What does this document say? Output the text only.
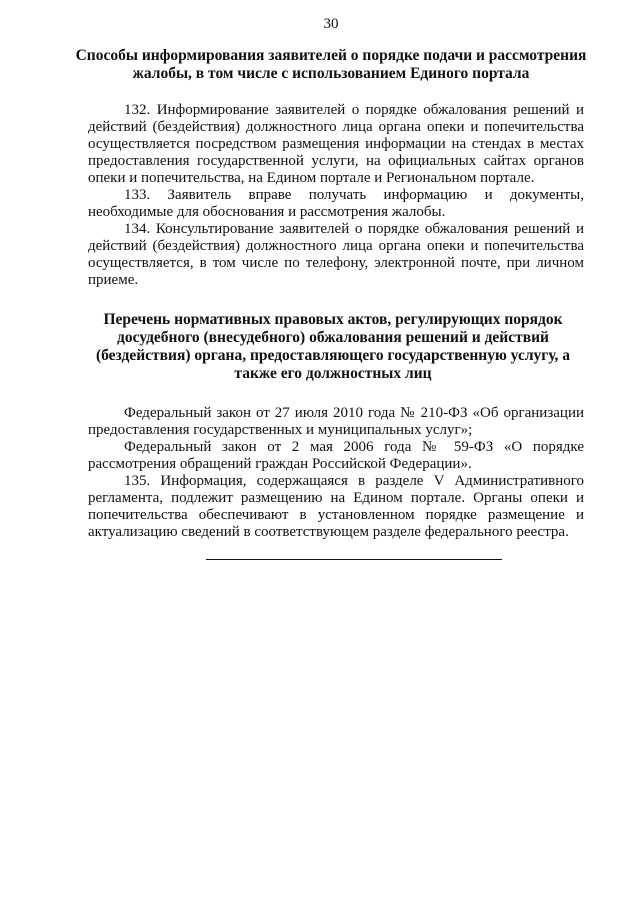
30
Способы информирования заявителей о порядке подачи и рассмотрения жалобы, в том числе с использованием Единого портала

132. Информирование заявителей о порядке обжалования решений и действий (бездействия) должностного лица органа опеки и попечительства осуществляется посредством размещения информации на стендах в местах предоставления государственной услуги, на официальных сайтах органов опеки и попечительства, на Едином портале и Региональном портале.

133. Заявитель вправе получать информацию и документы, необходимые для обоснования и рассмотрения жалобы.

134. Консультирование заявителей о порядке обжалования решений и действий (бездействия) должностного лица органа опеки и попечительства осуществляется, в том числе по телефону, электронной почте, при личном приеме.

Перечень нормативных правовых актов, регулирующих порядок досудебного (внесудебного) обжалования решений и действий (бездействия) органа, предоставляющего государственную услугу, а также его должностных лиц

Федеральный закон от 27 июля 2010 года № 210-ФЗ «Об организации предоставления государственных и муниципальных услуг»;

Федеральный закон от 2 мая 2006 года № 59-ФЗ «О порядке рассмотрения обращений граждан Российской Федерации».

135. Информация, содержащаяся в разделе V Административного регламента, подлежит размещению на Едином портале. Органы опеки и попечительства обеспечивают в установленном порядке размещение и актуализацию сведений в соответствующем разделе федерального реестра.
